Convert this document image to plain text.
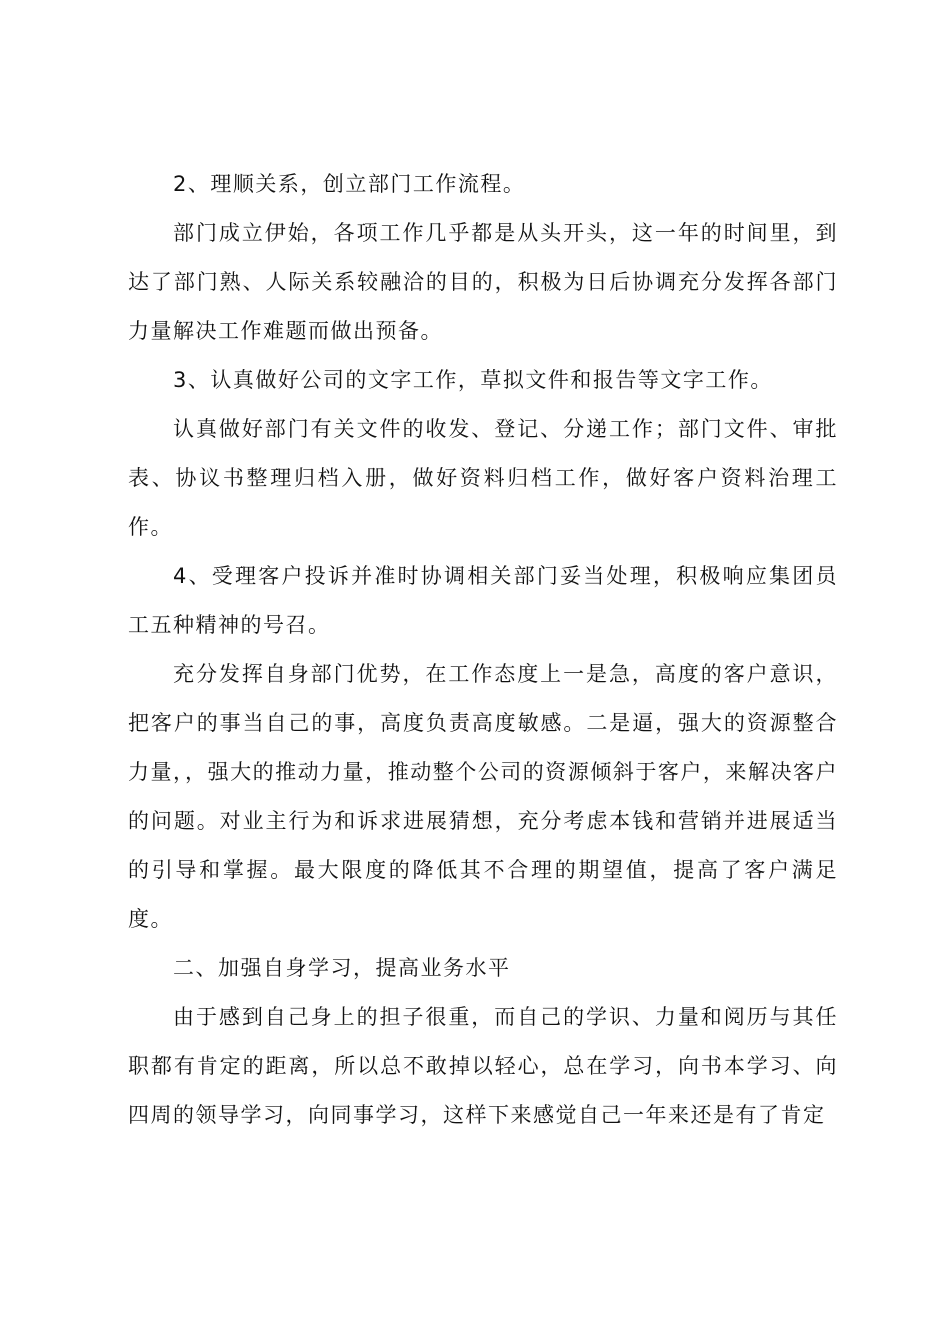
2、理顺关系，创立部门工作流程。

部门成立伊始，各项工作几乎都是从头开头，这一年的时间里，到达了部门熟、人际关系较融洽的目的，积极为日后协调充分发挥各部门力量解决工作难题而做出预备。

3、认真做好公司的文字工作，草拟文件和报告等文字工作。

认真做好部门有关文件的收发、登记、分递工作；部门文件、审批表、协议书整理归档入册，做好资料归档工作，做好客户资料治理工作。

4、受理客户投诉并准时协调相关部门妥当处理，积极响应集团员工五种精神的号召。

充分发挥自身部门优势，在工作态度上一是急，高度的客户意识，把客户的事当自己的事，高度负责高度敏感。二是逼，强大的资源整合力量，，强大的推动力量，推动整个公司的资源倾斜于客户，来解决客户的问题。对业主行为和诉求进展猜想，充分考虑本钱和营销并进展适当的引导和掌握。最大限度的降低其不合理的期望值，提高了客户满足度。

二、加强自身学习，提高业务水平

由于感到自己身上的担子很重，而自己的学识、力量和阅历与其任职都有肯定的距离，所以总不敢掉以轻心，总在学习，向书本学习、向四周的领导学习，向同事学习，这样下来感觉自己一年来还是有了肯定
